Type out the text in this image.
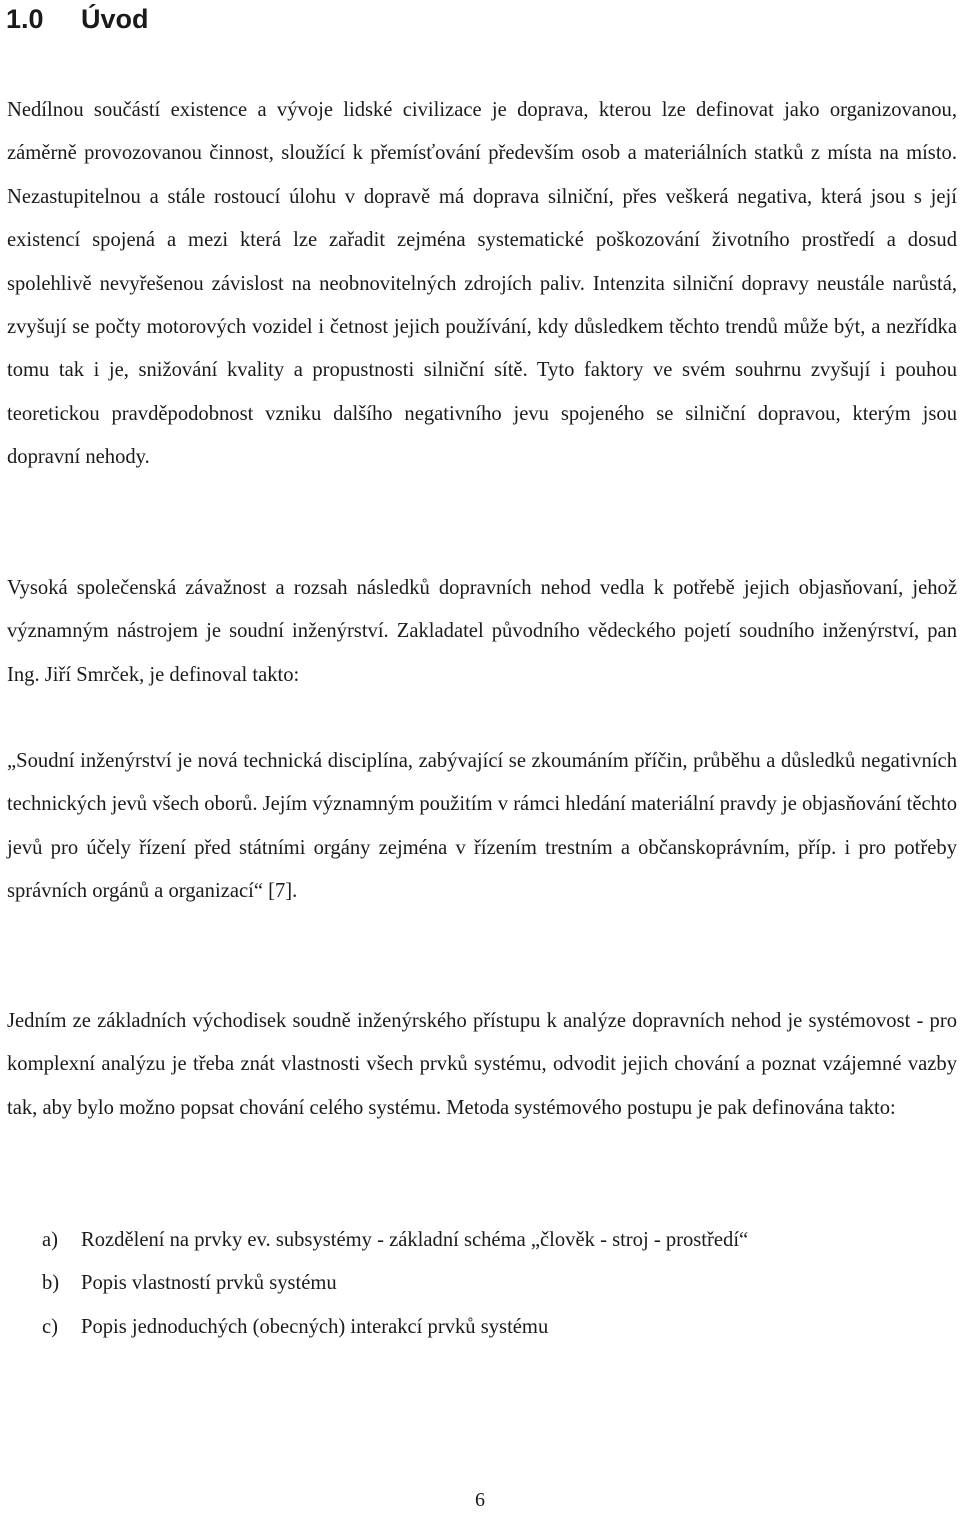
1.0 Úvod

Nedílnou součástí existence a vývoje lidské civilizace je doprava, kterou lze definovat jako organizovanou, záměrně provozovanou činnost, sloužící k přemísťování především osob a materiálních statků z místa na místo. Nezastupitelnou a stále rostoucí úlohu v dopravě má doprava silniční, přes veškerá negativa, která jsou s její existencí spojená a mezi která lze zařadit zejména systematické poškozování životního prostředí a dosud spolehlivě nevyřešenou závislost na neobnovitelných zdrojích paliv. Intenzita silniční dopravy neustále narůstá, zvyšují se počty motorových vozidel i četnost jejich používání, kdy důsledkem těchto trendů může být, a nezřídka tomu tak i je, snižování kvality a propustnosti silniční sítě. Tyto faktory ve svém souhrnu zvyšují i pouhou teoretickou pravděpodobnost vzniku dalšího negativního jevu spojeného se silniční dopravou, kterým jsou dopravní nehody.

Vysoká společenská závažnost a rozsah následků dopravních nehod vedla k potřebě jejich objasňovaní, jehož významným nástrojem je soudní inženýrství. Zakladatel původního vědeckého pojetí soudního inženýrství, pan Ing. Jiří Smrček, je definoval takto:

„Soudní inženýrství je nová technická disciplína, zabývající se zkoumáním příčin, průběhu a důsledků negativních technických jevů všech oborů. Jejím významným použitím v rámci hledání materiální pravdy je objasňování těchto jevů pro účely řízení před státními orgány zejména v řízením trestním a občanskoprávním, příp. i pro potřeby správních orgánů a organizací“ [7].

Jedním ze základních východisek soudně inženýrského přístupu k analýze dopravních nehod je systémovost - pro komplexní analýzu je třeba znát vlastnosti všech prvků systému, odvodit jejich chování a poznat vzájemné vazby tak, aby bylo možno popsat chování celého systému. Metoda systémového postupu je pak definována takto:

a) Rozdělení na prvky ev. subsystémy - základní schéma „člověk - stroj - prostředí“
b) Popis vlastností prvků systému
c) Popis jednoduchých (obecných) interakcí prvků systému
6
